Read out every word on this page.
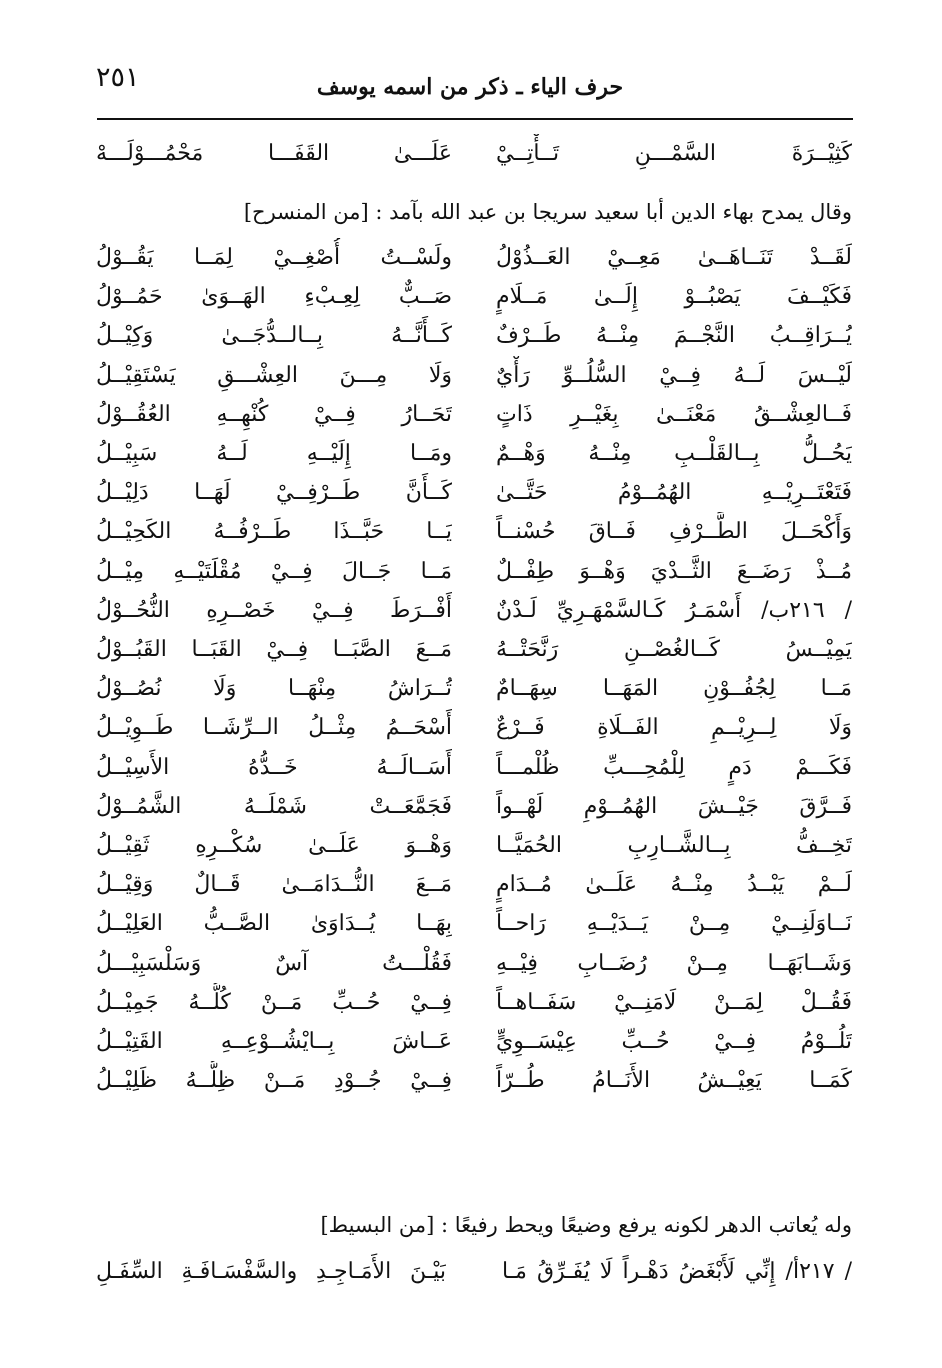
٢٥١	حرف الياء ـ ذكر من اسمه يوسف
كَثِيْــرَةَ السَّمْـــنِ تَــأْتِــيْ
عَلَـــىٰ القَفَـــا مَحْمُـــوْلَـــهْ
وقال يمدح بهاء الدين أبا سعيد سريجا بن عبد الله بآمد : [من المنسرح]
لَقَــدْ تَنَــاهَــىٰ مَعِــيْ العَــذُوْلُ
ولَسْــتُ أُصْغِــيْ لِمَــا يَقُــوْلُ
فَكَيْــفَ يَصْبُــوْ إِلَــىٰ مَــلَامٍ
صَــبٌّ لِعِـبْءِ الهَــوَىٰ حَمُــوْلُ
يُــرَاقِــبُ النَّجْــمَ مِنْــهُ طَــرْفٌ
كَــأَنَّــهُ بِــالــدُّجَــىٰ وَكِيْــلُ
لَيْــسَ لَــهُ فِــيْ السُّلُــوِّ رَأْيٌ
وَلَا مِـــنَ العِشْـــقِ يَسْتَقِيْــلُ
فَــالعِشْــقُ مَعْنَــىٰ بِغَيْــرِ ذَاتٍ
تَحَــارُ فِــيْ كُنْهِــهِ العُقُــوْلُ
يَحُــلُّ بِــالقَلْــبِ مِنْــهُ وَهْــمٌ
ومَــا إِلَيْــهِ لَــهُ سَبِيْــلُ
فَتَعْتَــرِيْــهِ الهُمُــوْمُ حَتَّــىٰ
كَــأَنَّ طَــرْفِــيْ لَهَــا دَلِيْــلُ
وَأَكْحَــلَ الطَّــرْفِ فَــاقَ حُسْنــاً
يَــا حَبَّــذَا طَــرْفُــهُ الكَحِيْــلُ
مُــذْ رَضَــعَ الثَّــدْيَ وَهْــوَ طِفْــلٌ
مَــا جَــالَ فِــيْ مُقْلَتَيْــهِ مِيْــلُ
/ ٢١٦ب/ أَسْمَـرُ كَـالسَّمْهَـرِيِّ لَـدْنٌ
أَفْــرَطَ فِــيْ خَصْــرِهِ النُّحُــوْلُ
يَمِيْــسُ كَــالغُصْــنِ رَنَّحَتْــهُ
مَــعَ الصَّبَــا فِــيْ القَبَــا القَبُــوْلُ
مَــا لِجُفُــوْنِ المَهَــا سِهَــامٌ
تُــرَاشُ مِنْهَــا وَلَا نُصُــوْلُ
وَلَا لِــرِيْــمِ الفَــلَاةِ فَــرْعٌ
أَسْحَــمُ مِثْــلُ الــرِّشَــا طَــوِيْــلُ
فَكَـــمْ دَمٍ لِلْمُحِـــبِّ ظُلْمـــاً
أَسَــالَــهُ خَــدُّهُ الأَسِيْــلُ
فَــرَّقَ جَيْــشَ الهُمُــوْمِ لَهْــواً
فَجَمَّعَــتْ شَمْلَــهُ الشَّمُــوْلُ
تَخِــفُّ بِــالشَّــارِبِ الحُمَيَّــا
وَهْــوَ عَلَــىٰ سُكْــرِهِ ثَقِيْــلُ
لَــمْ يَبْــدُ مِنْــهُ عَلَــىٰ مُــدَامٍ
مَــعَ النُّــدَامَــىٰ قَــالٌ وَقِيْــلُ
نَــاوَلَنِــيْ مِــنْ يَــدَيْــهِ رَاحــاً
بِهَــا يُــدَاوَىٰ الصَّــبُّ العَلِيْــلُ
وَشَــابَهَــا مِــنْ رُضَــابِ فِيْــهِ
فَقُلْـــتُ آسٌ وَسَلْسَبِيْـــلُ
فَقُــلْ لِمَــنْ لَامَنِــيْ سَفَــاهــاً
فِــيْ حُــبِّ مَــنْ كُلُّــهُ جَمِيْــلُ
تَلُــوْمُ فِــيْ حُــبِّ عِيْسَــوِيٍّ
عَــاشَ بِــايْشُــوْعِــهِ القَتِيْــلُ
كَمَــا يَعِيْــشُ الأَنَــامُ طُــرّاً
فِــيْ جُــوْدِ مَــنْ ظِلُّــهُ ظَلِيْــلُ
وله يُعاتب الدهر لكونه يرفع وضيعًا ويحط رفيعًا : [من البسيط]
/ ٢١٧أ/ إِنِّي لَأَبْغَضُ دَهْـراً لَا يُفَـرِّقُ مَـا
بَيْـنَ الأَمَـاجِـدِ والسَّفْسَـافَـةِ السِّفَـلِ
